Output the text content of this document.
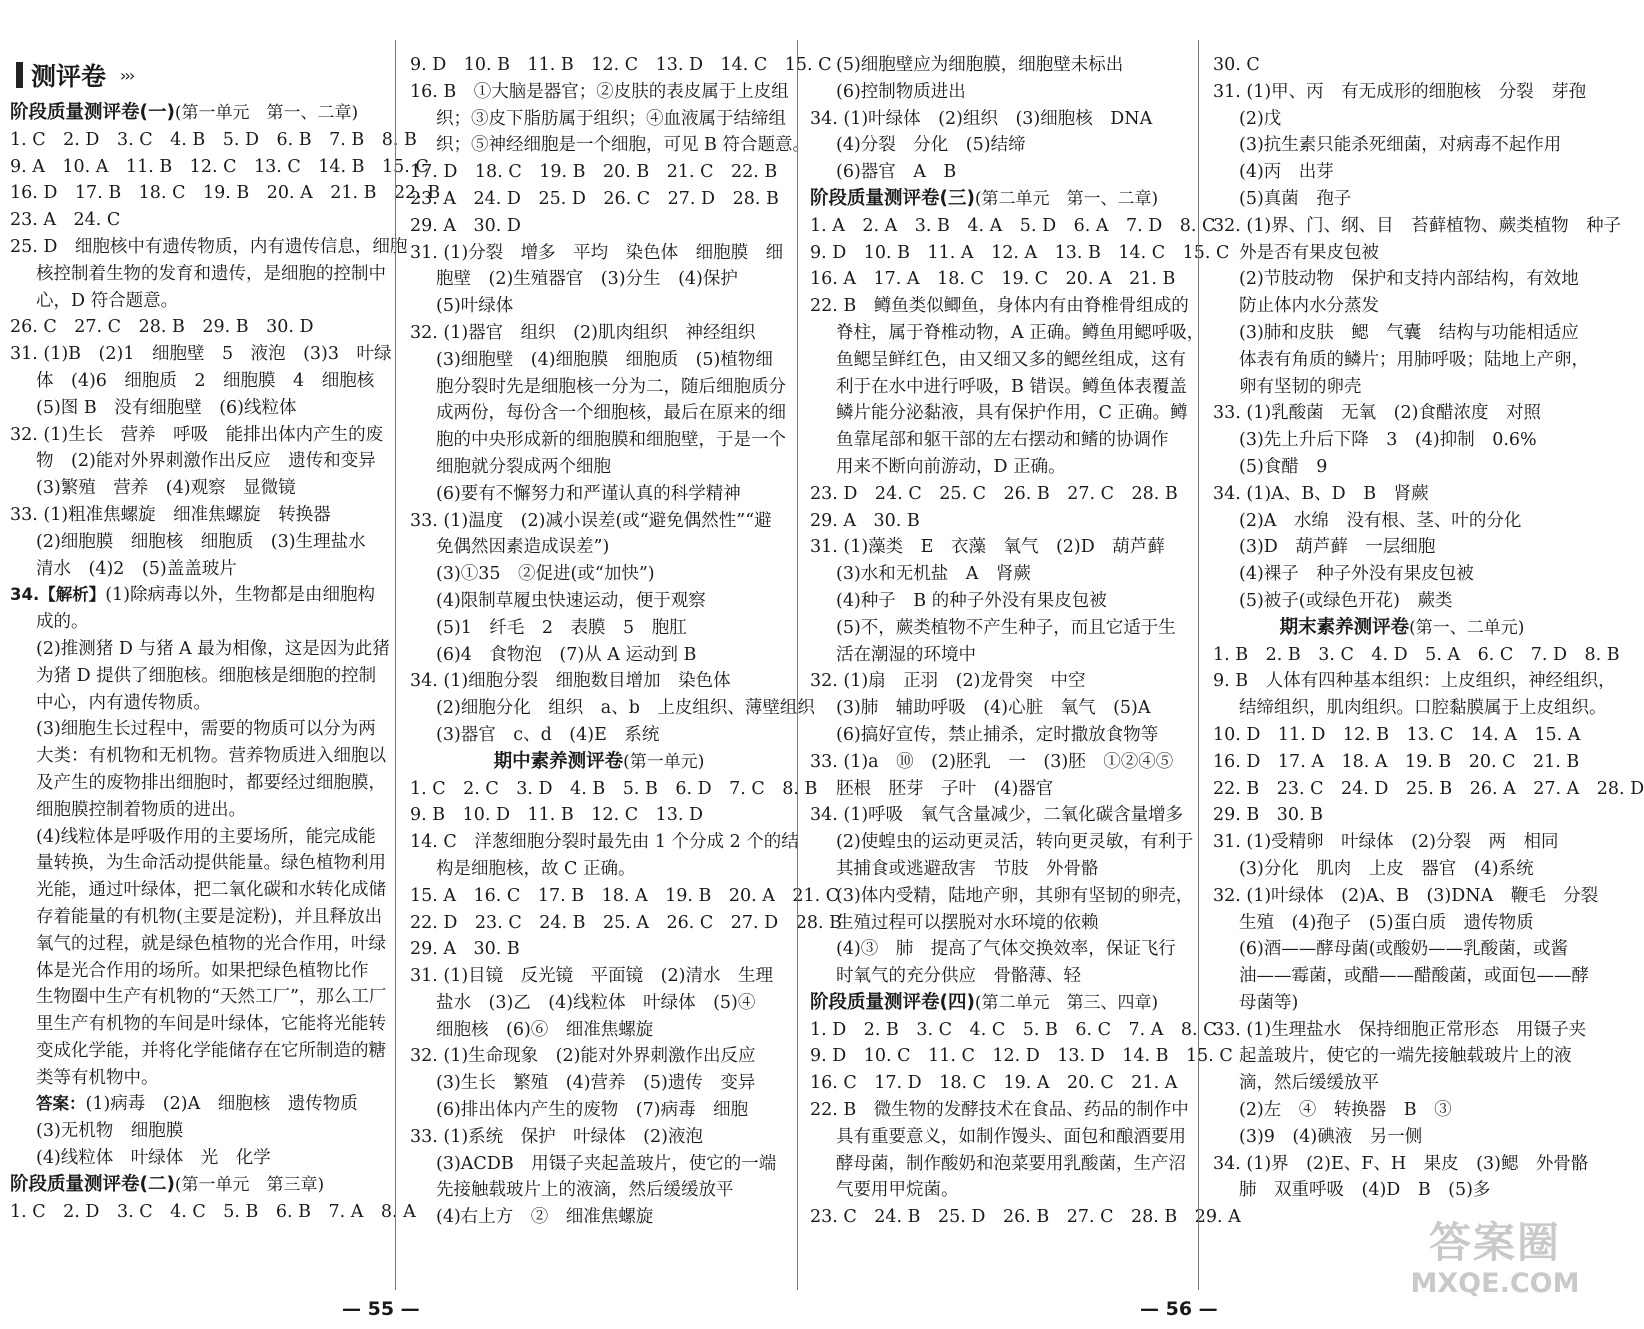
测评卷 ›››
阶段质量测评卷(一)(第一单元　第一、二章)
1. C　2. D　3. C　4. B　5. D　6. B　7. B　8. B
9. A　10. A　11. B　12. C　13. C　14. B　15. C
16. D　17. B　18. C　19. B　20. A　21. B　22. B
23. A　24. C
25. D　细胞核中有遗传物质，内有遗传信息，细胞
核控制着生物的发育和遗传，是细胞的控制中
心，D 符合题意。
26. C　27. C　28. B　29. B　30. D
31. (1)B　(2)1　细胞壁　5　液泡　(3)3　叶绿
体　(4)6　细胞质　2　细胞膜　4　细胞核
(5)图 B　没有细胞壁　(6)线粒体
32. (1)生长　营养　呼吸　能排出体内产生的废
物　(2)能对外界刺激作出反应　遗传和变异
(3)繁殖　营养　(4)观察　显微镜
33. (1)粗准焦螺旋　细准焦螺旋　转换器
(2)细胞膜　细胞核　细胞质　(3)生理盐水
清水　(4)2　(5)盖盖玻片
34.【解析】(1)除病毒以外，生物都是由细胞构
成的。
(2)推测猪 D 与猪 A 最为相像，这是因为此猪
为猪 D 提供了细胞核。细胞核是细胞的控制
中心，内有遗传物质。
(3)细胞生长过程中，需要的物质可以分为两
大类：有机物和无机物。营养物质进入细胞以
及产生的废物排出细胞时，都要经过细胞膜，
细胞膜控制着物质的进出。
(4)线粒体是呼吸作用的主要场所，能完成能
量转换，为生命活动提供能量。绿色植物利用
光能，通过叶绿体，把二氧化碳和水转化成储
存着能量的有机物(主要是淀粉)，并且释放出
氧气的过程，就是绿色植物的光合作用，叶绿
体是光合作用的场所。如果把绿色植物比作
生物圈中生产有机物的“天然工厂”，那么工厂
里生产有机物的车间是叶绿体，它能将光能转
变成化学能，并将化学能储存在它所制造的糖
类等有机物中。
答案：(1)病毒　(2)A　细胞核　遗传物质
(3)无机物　细胞膜
(4)线粒体　叶绿体　光　化学
阶段质量测评卷(二)(第一单元　第三章)
1. C　2. D　3. C　4. C　5. B　6. B　7. A　8. A
9. D　10. B　11. B　12. C　13. D　14. C　15. C
16. B　①大脑是器官；②皮肤的表皮属于上皮组
织；③皮下脂肪属于组织；④血液属于结缔组
织；⑤神经细胞是一个细胞，可见 B 符合题意。
17. D　18. C　19. B　20. B　21. C　22. B
23. A　24. D　25. D　26. C　27. D　28. B
29. A　30. D
31. (1)分裂　增多　平均　染色体　细胞膜　细
胞壁　(2)生殖器官　(3)分生　(4)保护
(5)叶绿体
32. (1)器官　组织　(2)肌肉组织　神经组织
(3)细胞壁　(4)细胞膜　细胞质　(5)植物细
胞分裂时先是细胞核一分为二，随后细胞质分
成两份，每份含一个细胞核，最后在原来的细
胞的中央形成新的细胞膜和细胞壁，于是一个
细胞就分裂成两个细胞
(6)要有不懈努力和严谨认真的科学精神
33. (1)温度　(2)减小误差(或“避免偶然性”“避
免偶然因素造成误差”)
(3)①35　②促进(或“加快”)
(4)限制草履虫快速运动，便于观察
(5)1　纤毛　2　表膜　5　胞肛
(6)4　食物泡　(7)从 A 运动到 B
34. (1)细胞分裂　细胞数目增加　染色体
(2)细胞分化　组织　a、b　上皮组织、薄壁组织
(3)器官　c、d　(4)E　系统
期中素养测评卷(第一单元)
1. C　2. C　3. D　4. B　5. B　6. D　7. C　8. B
9. B　10. D　11. B　12. C　13. D
14. C　洋葱细胞分裂时最先由 1 个分成 2 个的结
构是细胞核，故 C 正确。
15. A　16. C　17. B　18. A　19. B　20. A　21. C
22. D　23. C　24. B　25. A　26. C　27. D　28. B
29. A　30. B
31. (1)目镜　反光镜　平面镜　(2)清水　生理
盐水　(3)乙　(4)线粒体　叶绿体　(5)④
细胞核　(6)⑥　细准焦螺旋
32. (1)生命现象　(2)能对外界刺激作出反应
(3)生长　繁殖　(4)营养　(5)遗传　变异
(6)排出体内产生的废物　(7)病毒　细胞
33. (1)系统　保护　叶绿体　(2)液泡
(3)ACDB　用镊子夹起盖玻片，使它的一端
先接触载玻片上的液滴，然后缓缓放平
(4)右上方　②　细准焦螺旋
(5)细胞壁应为细胞膜，细胞壁未标出
(6)控制物质进出
34. (1)叶绿体　(2)组织　(3)细胞核　DNA
(4)分裂　分化　(5)结缔
(6)器官　A　B
阶段质量测评卷(三)(第二单元　第一、二章)
1. A　2. A　3. B　4. A　5. D　6. A　7. D　8. C
9. D　10. B　11. A　12. A　13. B　14. C　15. C
16. A　17. A　18. C　19. C　20. A　21. B
22. B　鳟鱼类似鲫鱼，身体内有由脊椎骨组成的
脊柱，属于脊椎动物，A 正确。鳟鱼用鳃呼吸，
鱼鳃呈鲜红色，由又细又多的鳃丝组成，这有
利于在水中进行呼吸，B 错误。鳟鱼体表覆盖
鳞片能分泌黏液，具有保护作用，C 正确。鳟
鱼靠尾部和躯干部的左右摆动和鳍的协调作
用来不断向前游动，D 正确。
23. D　24. C　25. C　26. B　27. C　28. B
29. A　30. B
31. (1)藻类　E　衣藻　氧气　(2)D　葫芦藓
(3)水和无机盐　A　肾蕨
(4)种子　B 的种子外没有果皮包被
(5)不，蕨类植物不产生种子，而且它适于生
活在潮湿的环境中
32. (1)扇　正羽　(2)龙骨突　中空
(3)肺　辅助呼吸　(4)心脏　氧气　(5)A
(6)搞好宣传，禁止捕杀，定时撒放食物等
33. (1)a　⑩　(2)胚乳　一　(3)胚　①②④⑤
胚根　胚芽　子叶　(4)器官
34. (1)呼吸　氧气含量减少，二氧化碳含量增多
(2)使蝗虫的运动更灵活，转向更灵敏，有利于
其捕食或逃避敌害　节肢　外骨骼
(3)体内受精，陆地产卵，其卵有坚韧的卵壳，
生殖过程可以摆脱对水环境的依赖
(4)③　肺　提高了气体交换效率，保证飞行
时氧气的充分供应　骨骼薄、轻
阶段质量测评卷(四)(第二单元　第三、四章)
1. D　2. B　3. C　4. C　5. B　6. C　7. A　8. C
9. D　10. C　11. C　12. D　13. D　14. B　15. C
16. C　17. D　18. C　19. A　20. C　21. A
22. B　微生物的发酵技术在食品、药品的制作中
具有重要意义，如制作馒头、面包和酿酒要用
酵母菌，制作酸奶和泡菜要用乳酸菌，生产沼
气要用甲烷菌。
23. C　24. B　25. D　26. B　27. C　28. B　29. A
30. C
31. (1)甲、丙　有无成形的细胞核　分裂　芽孢
(2)戊
(3)抗生素只能杀死细菌，对病毒不起作用
(4)丙　出芽
(5)真菌　孢子
32. (1)界、门、纲、目　苔藓植物、蕨类植物　种子
外是否有果皮包被
(2)节肢动物　保护和支持内部结构，有效地
防止体内水分蒸发
(3)肺和皮肤　鳃　气囊　结构与功能相适应
体表有角质的鳞片；用肺呼吸；陆地上产卵，
卵有坚韧的卵壳
33. (1)乳酸菌　无氧　(2)食醋浓度　对照
(3)先上升后下降　3　(4)抑制　0.6%
(5)食醋　9
34. (1)A、B、D　B　肾蕨
(2)A　水绵　没有根、茎、叶的分化
(3)D　葫芦藓　一层细胞
(4)裸子　种子外没有果皮包被
(5)被子(或绿色开花)　蕨类
期末素养测评卷(第一、二单元)
1. B　2. B　3. C　4. D　5. A　6. C　7. D　8. B
9. B　人体有四种基本组织：上皮组织，神经组织，
结缔组织，肌肉组织。口腔黏膜属于上皮组织。
10. D　11. D　12. B　13. C　14. A　15. A
16. D　17. A　18. A　19. B　20. C　21. B
22. B　23. C　24. D　25. B　26. A　27. A　28. D
29. B　30. B
31. (1)受精卵　叶绿体　(2)分裂　两　相同
(3)分化　肌肉　上皮　器官　(4)系统
32. (1)叶绿体　(2)A、B　(3)DNA　鞭毛　分裂
生殖　(4)孢子　(5)蛋白质　遗传物质
(6)酒——酵母菌(或酸奶——乳酸菌，或酱
油——霉菌，或醋——醋酸菌，或面包——酵
母菌等)
33. (1)生理盐水　保持细胞正常形态　用镊子夹
起盖玻片，使它的一端先接触载玻片上的液
滴，然后缓缓放平
(2)左　④　转换器　B　③
(3)9　(4)碘液　另一侧
34. (1)界　(2)E、F、H　果皮　(3)鳃　外骨骼
肺　双重呼吸　(4)D　B　(5)多
— 55 —	— 56 —
答案圈
MXQE.COM
